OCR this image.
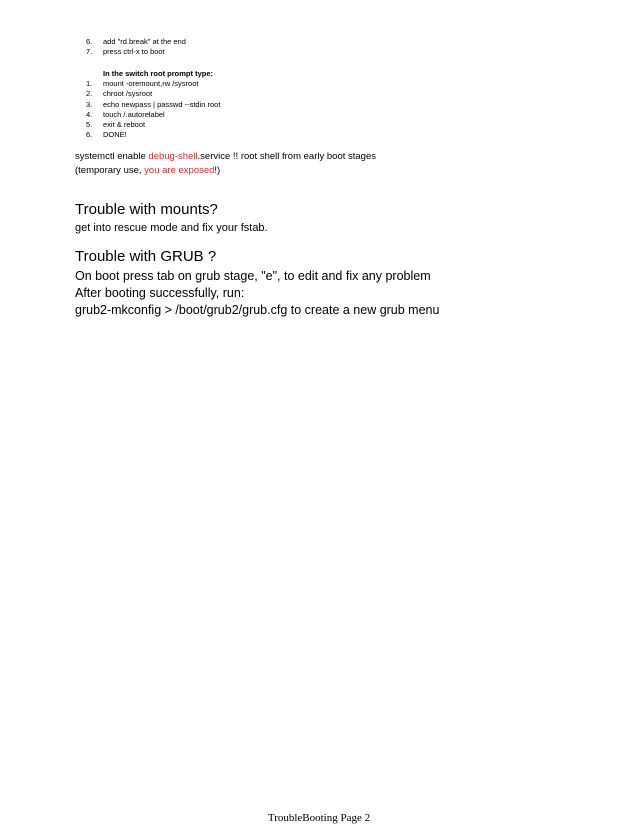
6.	add "rd.break" at the end
7.	press ctrl-x to boot
In the switch root prompt type:
1.	mount -oremount,rw /sysroot
2.	chroot /sysroot
3.	echo newpass | passwd --stdin root
4.	touch /.autorelabel
5.	exit & reboot
6.	DONE!
systemctl enable debug-shell.service !! root shell from early boot stages
(temporary use, you are exposed!)
Trouble with mounts?
get into rescue mode and fix your fstab.
Trouble with GRUB ?
On boot press tab on grub stage, "e", to edit and fix any problem
After booting successfully, run:
grub2-mkconfig > /boot/grub2/grub.cfg to create a new grub menu
TroubleBooting Page 2
